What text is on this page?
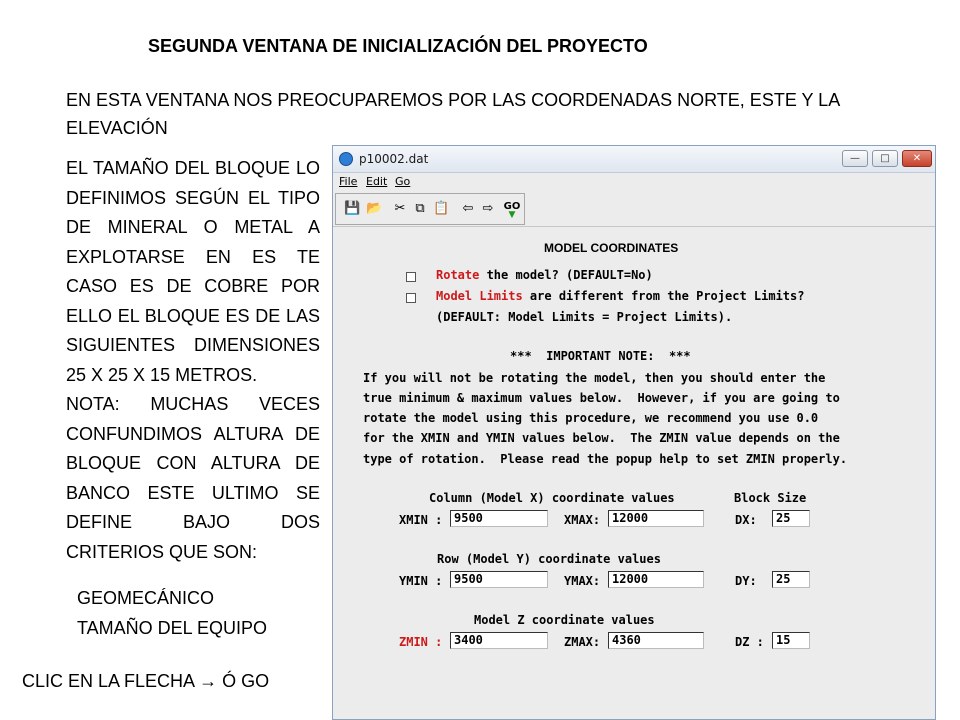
SEGUNDA VENTANA DE INICIALIZACIÓN DEL PROYECTO
EN ESTA VENTANA NOS PREOCUPAREMOS POR LAS COORDENADAS NORTE, ESTE Y LA ELEVACIÓN

EL TAMAÑO DEL BLOQUE LO DEFINIMOS SEGÚN EL TIPO DE MINERAL O METAL A EXPLOTARSE EN ES TE CASO ES DE COBRE POR ELLO EL BLOQUE ES DE LAS SIGUIENTES DIMENSIONES 25 X 25 X 15 METROS.

NOTA: MUCHAS VECES CONFUNDIMOS ALTURA DE BLOQUE CON ALTURA DE BANCO ESTE ULTIMO SE DEFINE BAJO DOS CRITERIOS QUE SON:

GEOMECÁNICO
TAMAÑO DEL EQUIPO
CLIC EN LA FLECHA → Ó GO
p10002.dat	—	□	✕
File Edit Go
💾 📂 ✂ ⧉ 📋 ⇦ ⇨ GO
▼
MODEL COORDINATES
Rotate the model? (DEFAULT=No)
Model Limits are different from the Project Limits?
(DEFAULT: Model Limits = Project Limits).
***  IMPORTANT NOTE:  ***
If you will not be rotating the model, then you should enter the
true minimum & maximum values below.  However, if you are going to
rotate the model using this procedure, we recommend you use 0.0
for the XMIN and YMIN values below.  The ZMIN value depends on the
type of rotation.  Please read the popup help to set ZMIN properly.
Column (Model X) coordinate values	Block Size
XMIN : 9500	XMAX: 12000	DX:	25
Row (Model Y) coordinate values
YMIN : 9500	YMAX: 12000	DY:	25
Model Z coordinate values
ZMIN : 3400	ZMAX: 4360	DZ :	15
